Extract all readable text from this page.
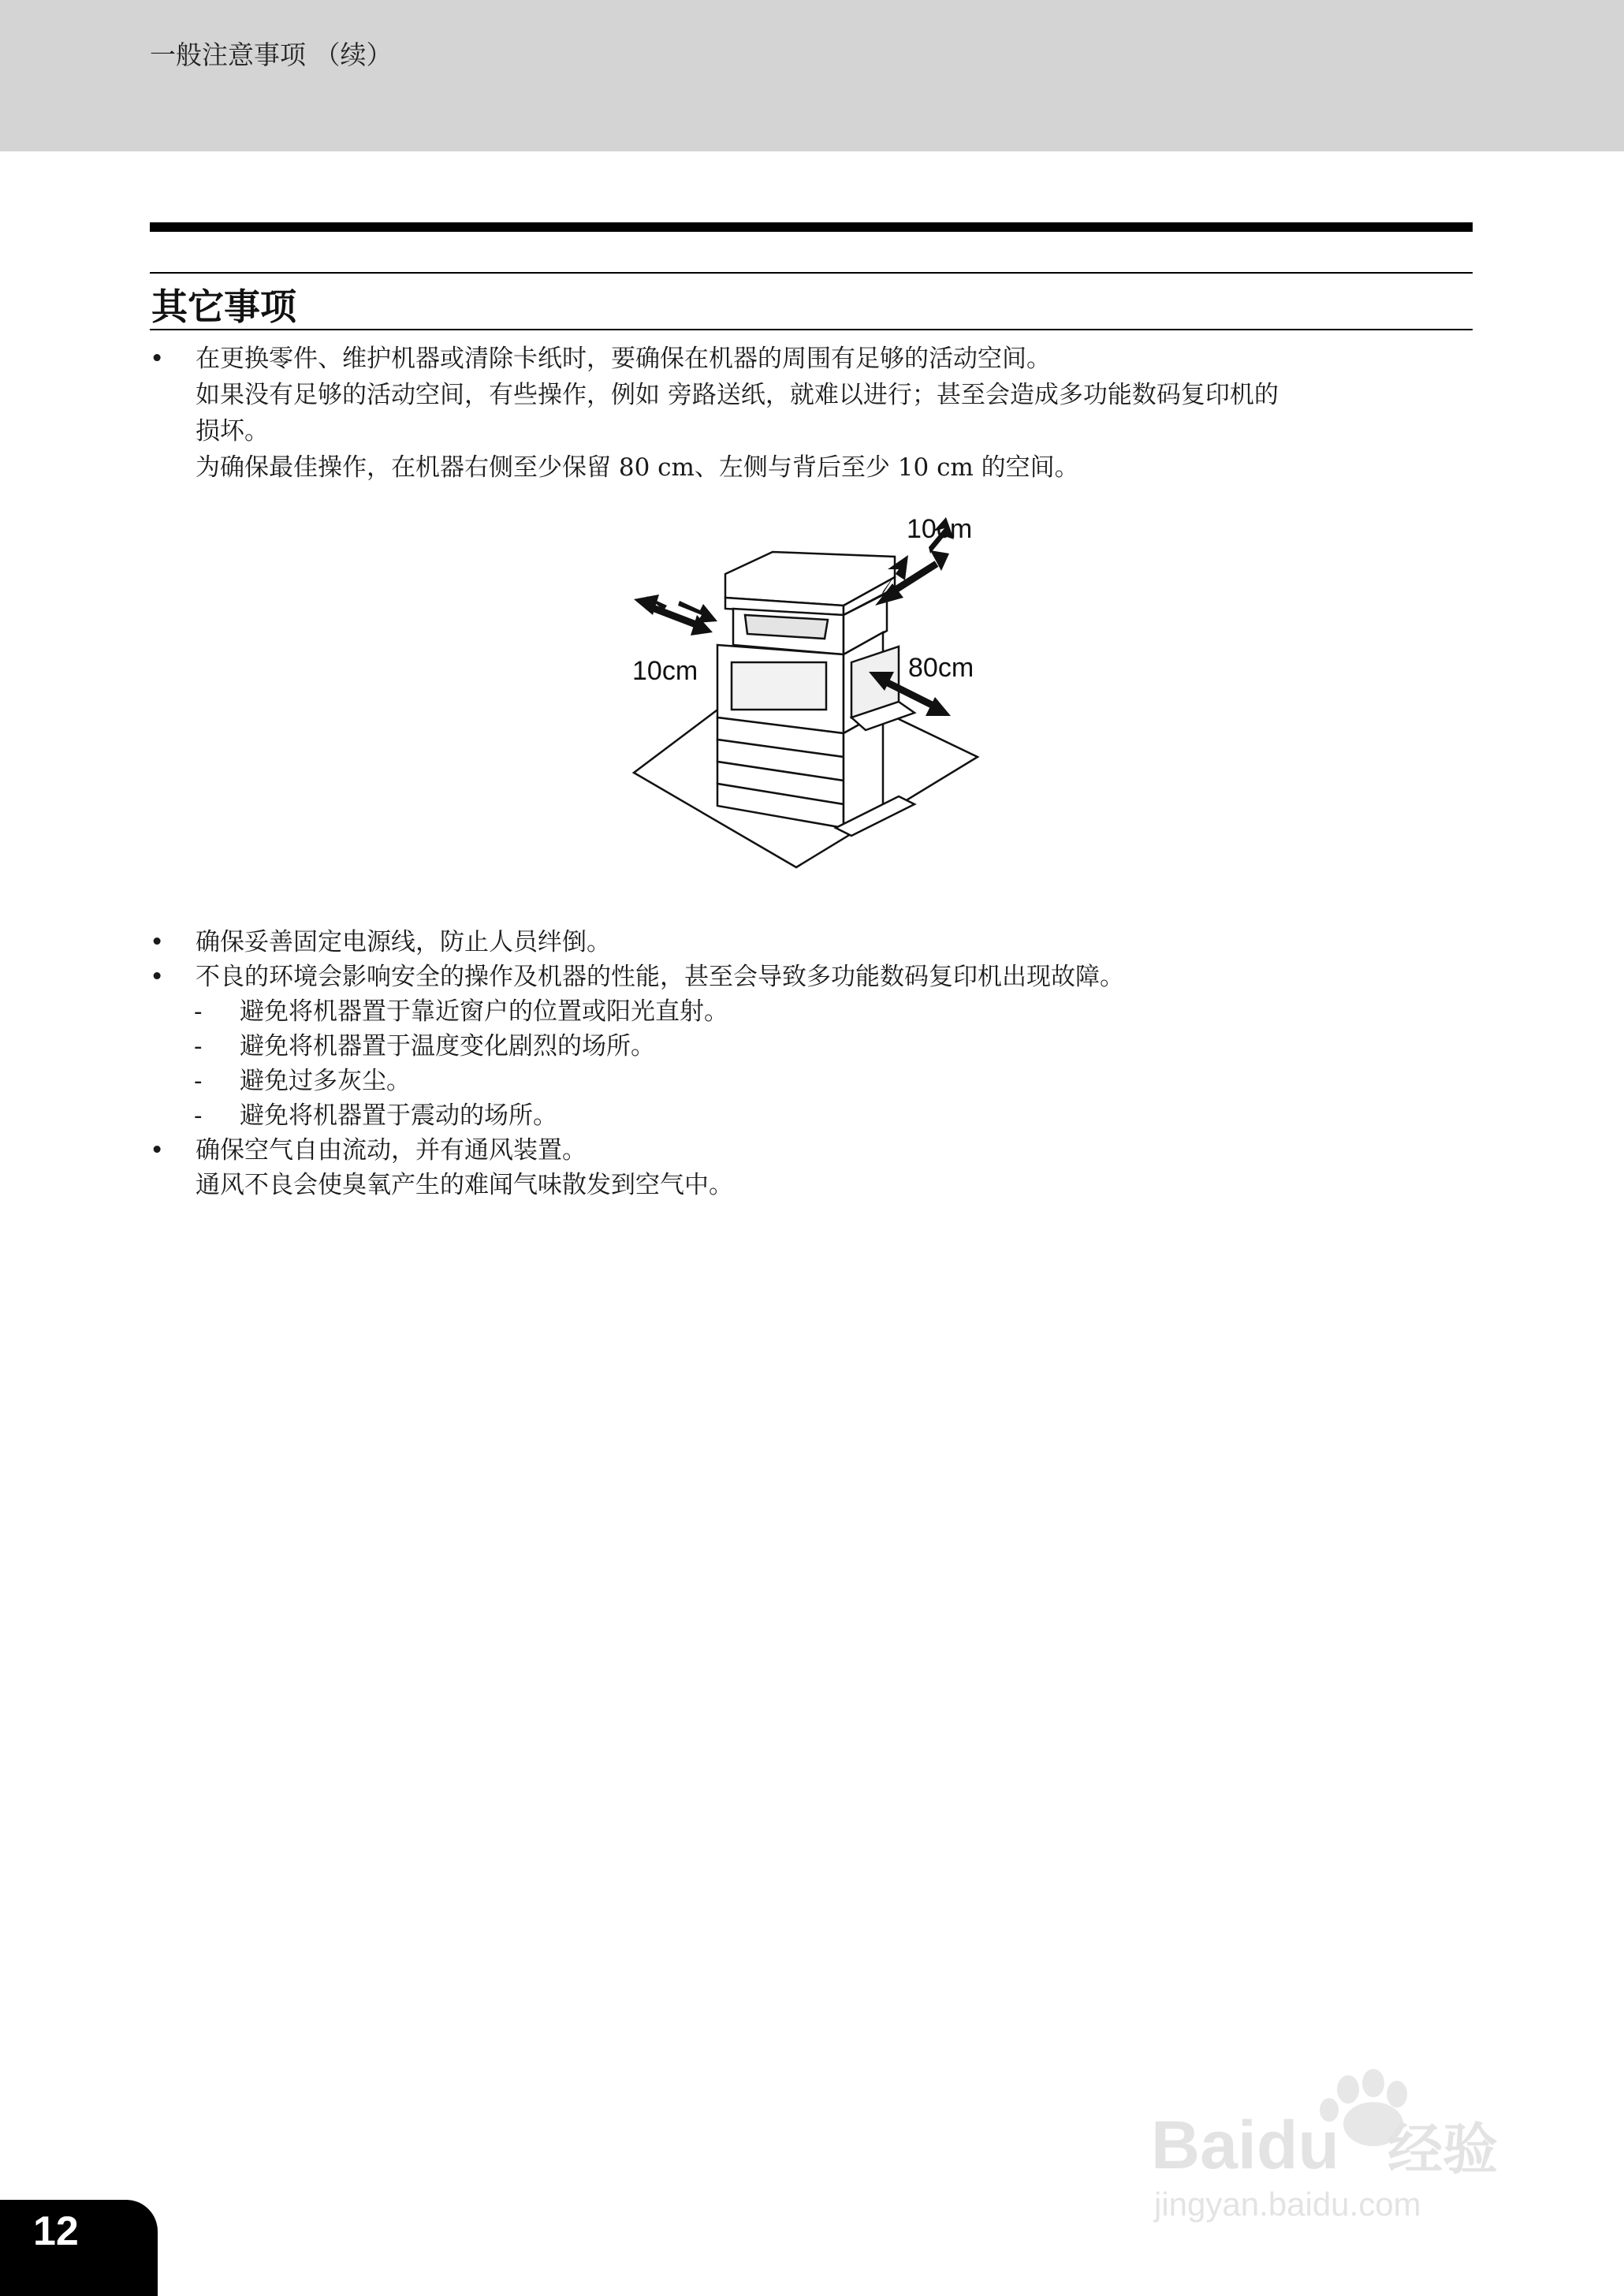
一般注意事项 （续）
其它事项
•	在更换零件、维护机器或清除卡纸时，要确保在机器的周围有足够的活动空间。
如果没有足够的活动空间，有些操作，例如 旁路送纸，就难以进行；甚至会造成多功能数码复印机的
损坏。
为确保最佳操作，在机器右侧至少保留 80 cm、左侧与背后至少 10 cm 的空间。
10cm
10cm	80cm
•	确保妥善固定电源线，防止人员绊倒。
•	不良的环境会影响安全的操作及机器的性能，甚至会导致多功能数码复印机出现故障。
- 避免将机器置于靠近窗户的位置或阳光直射。
- 避免将机器置于温度变化剧烈的场所。
- 避免过多灰尘。
- 避免将机器置于震动的场所。
•	确保空气自由流动，并有通风装置。
通风不良会使臭氧产生的难闻气味散发到空气中。
Baidu 经验
jingyan.baidu.com
12
